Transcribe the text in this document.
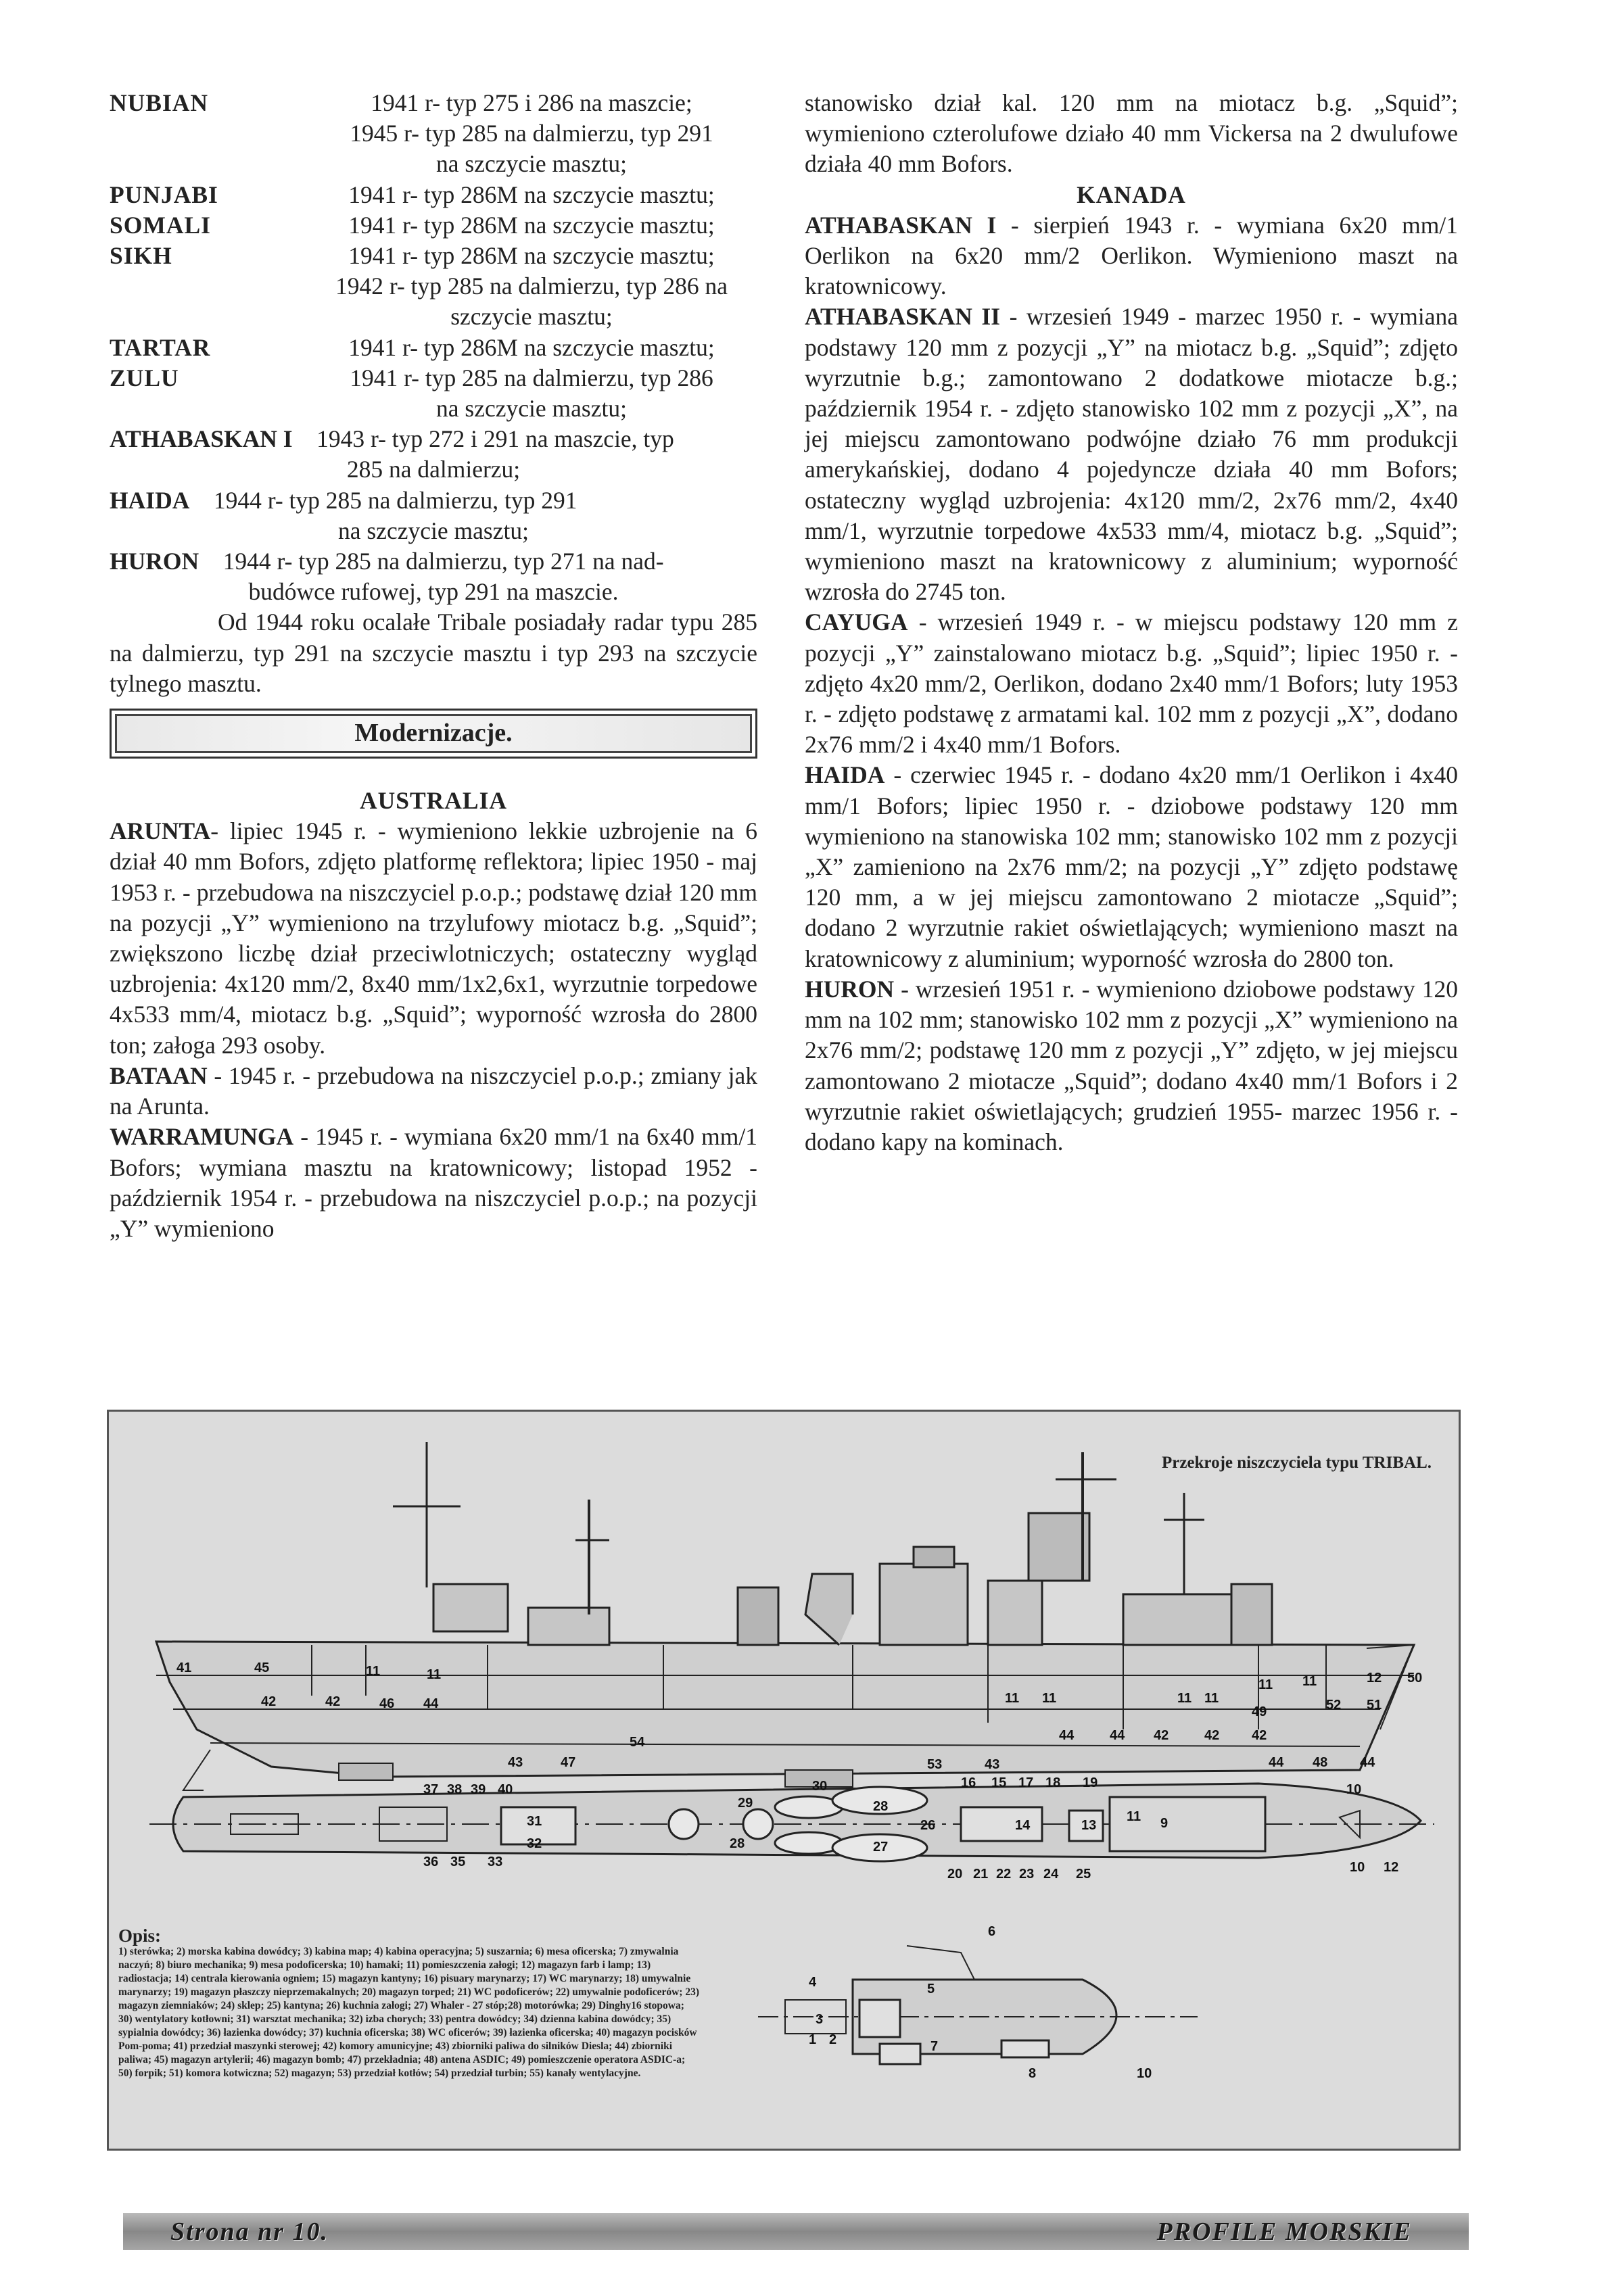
NUBIAN	1941 r- typ 275 i 286 na maszcie;
1945 r- typ 285 na dalmierzu, typ 291
na szczycie masztu;
PUNJABI	1941 r- typ 286M na szczycie masztu;
SOMALI	1941 r- typ 286M na szczycie masztu;
SIKH	1941 r- typ 286M na szczycie masztu;
1942 r- typ 285 na dalmierzu, typ 286 na
szczycie masztu;
TARTAR	1941 r- typ 286M na szczycie masztu;
ZULU	1941 r- typ 285 na dalmierzu, typ 286
na szczycie masztu;
ATHABASKAN I  1943 r- typ 272 i 291 na maszcie, typ
285 na dalmierzu;
HAIDA  1944 r- typ 285 na dalmierzu, typ 291
na szczycie masztu;
HURON  1944 r- typ 285 na dalmierzu, typ 271 na nad-
budówce rufowej, typ 291 na maszcie.
Od 1944 roku ocalałe Tribale posiadały radar typu 285 na dalmierzu, typ 291 na szczycie masztu i typ 293 na szczycie tylnego masztu.
Modernizacje.
AUSTRALIA
ARUNTA- lipiec 1945 r. - wymieniono lekkie uzbrojenie na 6 dział 40 mm Bofors, zdjęto platformę reflektora; lipiec 1950 - maj 1953 r. - przebudowa na niszczyciel p.o.p.; podstawę dział 120 mm na pozycji „Y” wymieniono na trzylufowy miotacz b.g. „Squid”; zwiększono liczbę dział przeciwlotniczych; ostateczny wygląd uzbrojenia: 4x120 mm/2, 8x40 mm/1x2,6x1, wyrzutnie torpedowe 4x533 mm/4, miotacz b.g. „Squid”; wyporność wzrosła do 2800 ton; załoga 293 osoby.
BATAAN - 1945 r. - przebudowa na niszczyciel p.o.p.; zmiany jak na Arunta.
WARRAMUNGA - 1945 r. - wymiana 6x20 mm/1 na 6x40 mm/1 Bofors; wymiana masztu na kratownicowy; listopad 1952 - październik 1954 r. - przebudowa na niszczyciel p.o.p.; na pozycji „Y” wymieniono
stanowisko dział kal. 120 mm na miotacz b.g. „Squid”; wymieniono czterolufowe działo 40 mm Vickersa na 2 dwulufowe działa 40 mm Bofors.
KANADA
ATHABASKAN I - sierpień 1943 r. - wymiana 6x20 mm/1 Oerlikon na 6x20 mm/2 Oerlikon. Wymieniono maszt na kratownicowy.
ATHABASKAN II - wrzesień 1949 - marzec 1950 r. - wymiana podstawy 120 mm z pozycji „Y” na miotacz b.g. „Squid”; zdjęto wyrzutnie b.g.; zamontowano 2 dodatkowe miotacze b.g.; październik 1954 r. - zdjęto stanowisko 102 mm z pozycji „X”, na jej miejscu zamontowano podwójne działo 76 mm produkcji amerykańskiej, dodano 4 pojedyncze działa 40 mm Bofors; ostateczny wygląd uzbrojenia: 4x120 mm/2, 2x76 mm/2, 4x40 mm/1, wyrzutnie torpedowe 4x533 mm/4, miotacz b.g. „Squid”; wymieniono maszt na kratownicowy z aluminium; wyporność wzrosła do 2745 ton.
CAYUGA - wrzesień 1949 r. - w miejscu podstawy 120 mm z pozycji „Y” zainstalowano miotacz b.g. „Squid”; lipiec 1950 r. - zdjęto 4x20 mm/2, Oerlikon, dodano 2x40 mm/1 Bofors; luty 1953 r. - zdjęto podstawę z armatami kal. 102 mm z pozycji „X”, dodano 2x76 mm/2 i 4x40 mm/1 Bofors.
HAIDA - czerwiec 1945 r. - dodano 4x20 mm/1 Oerlikon i 4x40 mm/1 Bofors; lipiec 1950 r. - dziobowe podstawy 120 mm wymieniono na stanowiska 102 mm; stanowisko 102 mm z pozycji „X” zamieniono na 2x76 mm/2; na pozycji „Y” zdjęto podstawę 120 mm, a w jej miejscu zamontowano 2 miotacze „Squid”; dodano 2 wyrzutnie rakiet oświetlających; wymieniono maszt na kratownicowy z aluminium; wyporność wzrosła do 2800 ton.
HURON - wrzesień 1951 r. - wymieniono dziobowe podstawy 120 mm na 102 mm; stanowisko 102 mm z pozycji „X” wymieniono na 2x76 mm/2; podstawę 120 mm z pozycji „Y” zdjęto, w jej miejscu zamontowano 2 miotacze „Squid”; dodano 4x40 mm/1 Bofors i 2 wyrzutnie rakiet oświetlających; grudzień 1955- marzec 1956 r. - dodano kapy na kominach.
41	45	11	11
42	42	46 44
54
43	47	53	43
11 11	11 11
11 11
44	44 42	42 42
49
44 48 44
12 50
52 51
37 38 39 40	30	16 15 17 18 19	10
31
32
36 35 33
29	28
28	27
26	14	13
11 9
20 21 22 23 24 25	10 12
4	5
6
3
1 2	7
8	10
Przekroje niszczyciela typu TRIBAL.
Opis:
1) sterówka; 2) morska kabina dowódcy; 3) kabina map; 4) kabina operacyjna; 5) suszarnia; 6) mesa oficerska; 7) zmywalnia naczyń; 8) biuro mechanika; 9) mesa podoficerska; 10) hamaki; 11) pomieszczenia załogi; 12) magazyn farb i lamp; 13) radiostacja; 14) centrala kierowania ogniem; 15) magazyn kantyny; 16) pisuary marynarzy; 17) WC marynarzy; 18) umywalnie marynarzy; 19) magazyn płaszczy nieprzemakalnych; 20) magazyn torped; 21) WC podoficerów; 22) umywalnie podoficerów; 23) magazyn ziemniaków; 24) sklep; 25) kantyna; 26) kuchnia załogi; 27) Whaler - 27 stóp;28) motorówka; 29) Dinghy16 stopowa; 30) wentylatory kotłowni; 31) warsztat mechanika; 32) izba chorych; 33) pentra dowódcy; 34) dzienna kabina dowódcy; 35) sypialnia dowódcy; 36) łazienka dowódcy; 37) kuchnia oficerska; 38) WC oficerów; 39) łazienka oficerska; 40) magazyn pocisków Pom-poma; 41) przedział maszynki sterowej; 42) komory amunicyjne; 43) zbiorniki paliwa do silników Diesla; 44) zbiorniki paliwa; 45) magazyn artylerii; 46) magazyn bomb; 47) przekładnia; 48) antena ASDIC; 49) pomieszczenie operatora ASDIC-a; 50) forpik; 51) komora kotwiczna; 52) magazyn; 53) przedział kotłów; 54) przedział turbin; 55) kanały wentylacyjne.
Strona nr 10.	PROFILE MORSKIE
